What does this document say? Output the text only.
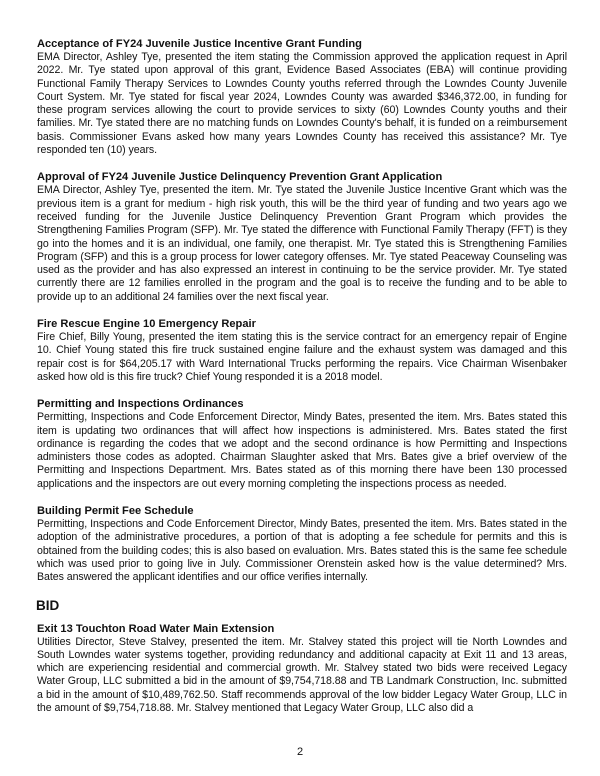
Acceptance of FY24 Juvenile Justice Incentive Grant Funding

EMA Director, Ashley Tye, presented the item stating the Commission approved the application request in April 2022. Mr. Tye stated upon approval of this grant, Evidence Based Associates (EBA) will continue providing Functional Family Therapy Services to Lowndes County youths referred through the Lowndes County Juvenile Court System. Mr. Tye stated for fiscal year 2024, Lowndes County was awarded $346,372.00, in funding for these program services allowing the court to provide services to sixty (60) Lowndes County youths and their families. Mr. Tye stated there are no matching funds on Lowndes County's behalf, it is funded on a reimbursement basis. Commissioner Evans asked how many years Lowndes County has received this assistance? Mr. Tye responded ten (10) years.

Approval of FY24 Juvenile Justice Delinquency Prevention Grant Application

EMA Director, Ashley Tye, presented the item. Mr. Tye stated the Juvenile Justice Incentive Grant which was the previous item is a grant for medium - high risk youth, this will be the third year of funding and two years ago we received funding for the Juvenile Justice Delinquency Prevention Grant Program which provides the Strengthening Families Program (SFP). Mr. Tye stated the difference with Functional Family Therapy (FFT) is they go into the homes and it is an individual, one family, one therapist. Mr. Tye stated this is Strengthening Families Program (SFP) and this is a group process for lower category offenses. Mr. Tye stated Peaceway Counseling was used as the provider and has also expressed an interest in continuing to be the service provider. Mr. Tye stated currently there are 12 families enrolled in the program and the goal is to receive the funding and to be able to provide up to an additional 24 families over the next fiscal year.

Fire Rescue Engine 10 Emergency Repair

Fire Chief, Billy Young, presented the item stating this is the service contract for an emergency repair of Engine 10. Chief Young stated this fire truck sustained engine failure and the exhaust system was damaged and this repair cost is for $64,205.17 with Ward International Trucks performing the repairs. Vice Chairman Wisenbaker asked how old is this fire truck? Chief Young responded it is a 2018 model.

Permitting and Inspections Ordinances

Permitting, Inspections and Code Enforcement Director, Mindy Bates, presented the item. Mrs. Bates stated this item is updating two ordinances that will affect how inspections is administered. Mrs. Bates stated the first ordinance is regarding the codes that we adopt and the second ordinance is how Permitting and Inspections administers those codes as adopted. Chairman Slaughter asked that Mrs. Bates give a brief overview of the Permitting and Inspections Department. Mrs. Bates stated as of this morning there have been 130 processed applications and the inspectors are out every morning completing the inspections process as needed.

Building Permit Fee Schedule

Permitting, Inspections and Code Enforcement Director, Mindy Bates, presented the item. Mrs. Bates stated in the adoption of the administrative procedures, a portion of that is adopting a fee schedule for permits and this is obtained from the building codes; this is also based on evaluation. Mrs. Bates stated this is the same fee schedule which was used prior to going live in July. Commissioner Orenstein asked how is the value determined? Mrs. Bates answered the applicant identifies and our office verifies internally.

BID

Exit 13 Touchton Road Water Main Extension

Utilities Director, Steve Stalvey, presented the item. Mr. Stalvey stated this project will tie North Lowndes and South Lowndes water systems together, providing redundancy and additional capacity at Exit 11 and 13 areas, which are experiencing residential and commercial growth. Mr. Stalvey stated two bids were received Legacy Water Group, LLC submitted a bid in the amount of $9,754,718.88 and TB Landmark Construction, Inc. submitted a bid in the amount of $10,489,762.50. Staff recommends approval of the low bidder Legacy Water Group, LLC in the amount of $9,754,718.88. Mr. Stalvey mentioned that Legacy Water Group, LLC also did a

2
